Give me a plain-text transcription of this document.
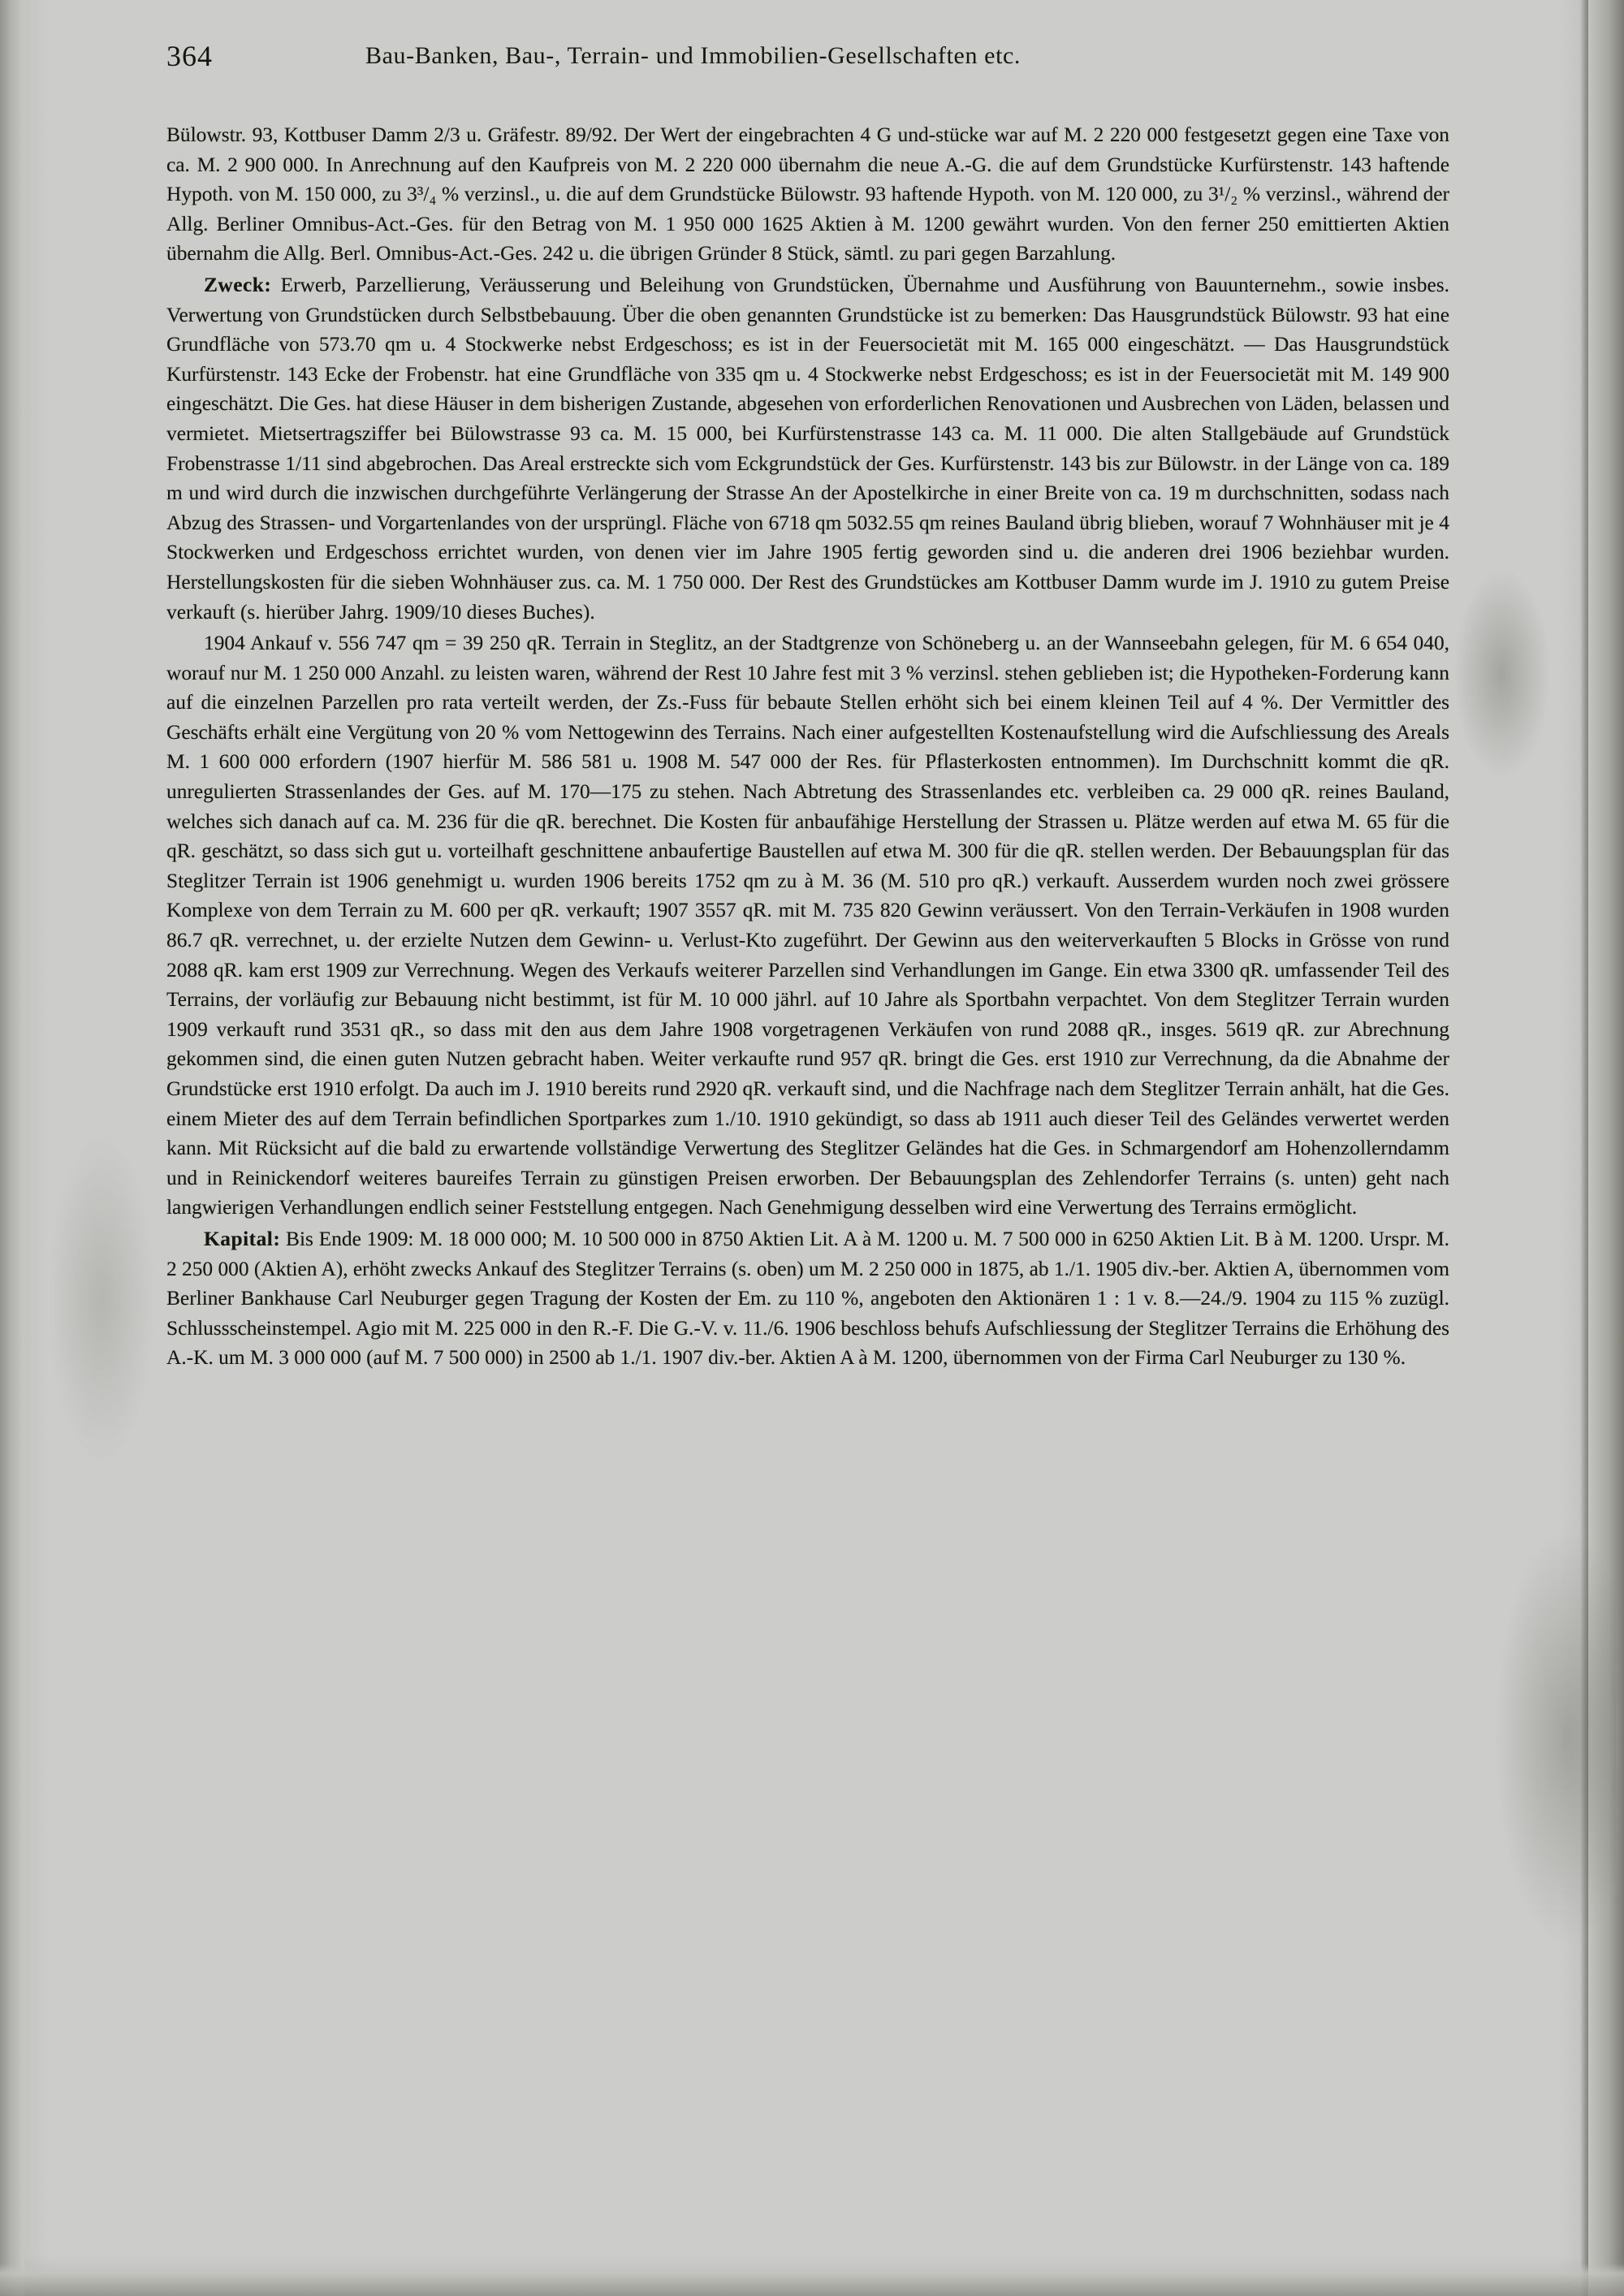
364	Bau-Banken, Bau-, Terrain- und Immobilien-Gesellschaften etc.

Bülowstr. 93, Kottbuser Damm 2/3 u. Gräfestr. 89/92. Der Wert der eingebrachten 4 G und-stücke war auf M. 2 220 000 festgesetzt gegen eine Taxe von ca. M. 2 900 000. In Anrechnung auf den Kaufpreis von M. 2 220 000 übernahm die neue A.-G. die auf dem Grundstücke Kurfürstenstr. 143 haftende Hypoth. von M. 150 000, zu 3³/₄ % verzinsl., u. die auf dem Grundstücke Bülowstr. 93 haftende Hypoth. von M. 120 000, zu 3¹/₂ % verzinsl., während der Allg. Berliner Omnibus-Act.-Ges. für den Betrag von M. 1 950 000 1625 Aktien à M. 1200 gewährt wurden. Von den ferner 250 emittierten Aktien übernahm die Allg. Berl. Omnibus-Act.-Ges. 242 u. die übrigen Gründer 8 Stück, sämtl. zu pari gegen Barzahlung.

Zweck: Erwerb, Parzellierung, Veräusserung und Beleihung von Grundstücken, Übernahme und Ausführung von Bauunternehm., sowie insbes. Verwertung von Grundstücken durch Selbstbebauung. Über die oben genannten Grundstücke ist zu bemerken: Das Hausgrundstück Bülowstr. 93 hat eine Grundfläche von 573.70 qm u. 4 Stockwerke nebst Erdgeschoss; es ist in der Feuersocietät mit M. 165 000 eingeschätzt. — Das Hausgrundstück Kurfürstenstr. 143 Ecke der Frobenstr. hat eine Grundfläche von 335 qm u. 4 Stockwerke nebst Erdgeschoss; es ist in der Feuersocietät mit M. 149 900 eingeschätzt. Die Ges. hat diese Häuser in dem bisherigen Zustande, abgesehen von erforderlichen Renovationen und Ausbrechen von Läden, belassen und vermietet. Mietsertragsziffer bei Bülowstrasse 93 ca. M. 15 000, bei Kurfürstenstrasse 143 ca. M. 11 000. Die alten Stallgebäude auf Grundstück Frobenstrasse 1/11 sind abgebrochen. Das Areal erstreckte sich vom Eckgrundstück der Ges. Kurfürstenstr. 143 bis zur Bülowstr. in der Länge von ca. 189 m und wird durch die inzwischen durchgeführte Verlängerung der Strasse An der Apostelkirche in einer Breite von ca. 19 m durchschnitten, sodass nach Abzug des Strassen- und Vorgartenlandes von der ursprüngl. Fläche von 6718 qm 5032.55 qm reines Bauland übrig blieben, worauf 7 Wohnhäuser mit je 4 Stockwerken und Erdgeschoss errichtet wurden, von denen vier im Jahre 1905 fertig geworden sind u. die anderen drei 1906 beziehbar wurden. Herstellungskosten für die sieben Wohnhäuser zus. ca. M. 1 750 000. Der Rest des Grundstückes am Kottbuser Damm wurde im J. 1910 zu gutem Preise verkauft (s. hierüber Jahrg. 1909/10 dieses Buches).

1904 Ankauf v. 556 747 qm = 39 250 qR. Terrain in Steglitz, an der Stadtgrenze von Schöneberg u. an der Wannseebahn gelegen, für M. 6 654 040, worauf nur M. 1 250 000 Anzahl. zu leisten waren, während der Rest 10 Jahre fest mit 3 % verzinsl. stehen geblieben ist; die Hypotheken-Forderung kann auf die einzelnen Parzellen pro rata verteilt werden, der Zs.-Fuss für bebaute Stellen erhöht sich bei einem kleinen Teil auf 4 %. Der Vermittler des Geschäfts erhält eine Vergütung von 20 % vom Nettogewinn des Terrains. Nach einer aufgestellten Kostenaufstellung wird die Aufschliessung des Areals M. 1 600 000 erfordern (1907 hierfür M. 586 581 u. 1908 M. 547 000 der Res. für Pflasterkosten entnommen). Im Durchschnitt kommt die qR. unregulierten Strassenlandes der Ges. auf M. 170—175 zu stehen. Nach Abtretung des Strassenlandes etc. verbleiben ca. 29 000 qR. reines Bauland, welches sich danach auf ca. M. 236 für die qR. berechnet. Die Kosten für anbaufähige Herstellung der Strassen u. Plätze werden auf etwa M. 65 für die qR. geschätzt, so dass sich gut u. vorteilhaft geschnittene anbaufertige Baustellen auf etwa M. 300 für die qR. stellen werden. Der Bebauungsplan für das Steglitzer Terrain ist 1906 genehmigt u. wurden 1906 bereits 1752 qm zu à M. 36 (M. 510 pro qR.) verkauft. Ausserdem wurden noch zwei grössere Komplexe von dem Terrain zu M. 600 per qR. verkauft; 1907 3557 qR. mit M. 735 820 Gewinn veräussert. Von den Terrain-Verkäufen in 1908 wurden 86.7 qR. verrechnet, u. der erzielte Nutzen dem Gewinn- u. Verlust-Kto zugeführt. Der Gewinn aus den weiterverkauften 5 Blocks in Grösse von rund 2088 qR. kam erst 1909 zur Verrechnung. Wegen des Verkaufs weiterer Parzellen sind Verhandlungen im Gange. Ein etwa 3300 qR. umfassender Teil des Terrains, der vorläufig zur Bebauung nicht bestimmt, ist für M. 10 000 jährl. auf 10 Jahre als Sportbahn verpachtet. Von dem Steglitzer Terrain wurden 1909 verkauft rund 3531 qR., so dass mit den aus dem Jahre 1908 vorgetragenen Verkäufen von rund 2088 qR., insges. 5619 qR. zur Abrechnung gekommen sind, die einen guten Nutzen gebracht haben. Weiter verkaufte rund 957 qR. bringt die Ges. erst 1910 zur Verrechnung, da die Abnahme der Grundstücke erst 1910 erfolgt. Da auch im J. 1910 bereits rund 2920 qR. verkauft sind, und die Nachfrage nach dem Steglitzer Terrain anhält, hat die Ges. einem Mieter des auf dem Terrain befindlichen Sportparkes zum 1./10. 1910 gekündigt, so dass ab 1911 auch dieser Teil des Geländes verwertet werden kann. Mit Rücksicht auf die bald zu erwartende vollständige Verwertung des Steglitzer Geländes hat die Ges. in Schmargendorf am Hohenzollerndamm und in Reinickendorf weiteres baureifes Terrain zu günstigen Preisen erworben. Der Bebauungsplan des Zehlendorfer Terrains (s. unten) geht nach langwierigen Verhandlungen endlich seiner Feststellung entgegen. Nach Genehmigung desselben wird eine Verwertung des Terrains ermöglicht.

Kapital: Bis Ende 1909: M. 18 000 000; M. 10 500 000 in 8750 Aktien Lit. A à M. 1200 u. M. 7 500 000 in 6250 Aktien Lit. B à M. 1200. Urspr. M. 2 250 000 (Aktien A), erhöht zwecks Ankauf des Steglitzer Terrains (s. oben) um M. 2 250 000 in 1875, ab 1./1. 1905 div.-ber. Aktien A, übernommen vom Berliner Bankhause Carl Neuburger gegen Tragung der Kosten der Em. zu 110 %, angeboten den Aktionären 1 : 1 v. 8.—24./9. 1904 zu 115 % zuzügl. Schlussscheinstempel. Agio mit M. 225 000 in den R.-F. Die G.-V. v. 11./6. 1906 beschloss behufs Aufschliessung der Steglitzer Terrains die Erhöhung des A.-K. um M. 3 000 000 (auf M. 7 500 000) in 2500 ab 1./1. 1907 div.-ber. Aktien A à M. 1200, übernommen von der Firma Carl Neuburger zu 130 %.
